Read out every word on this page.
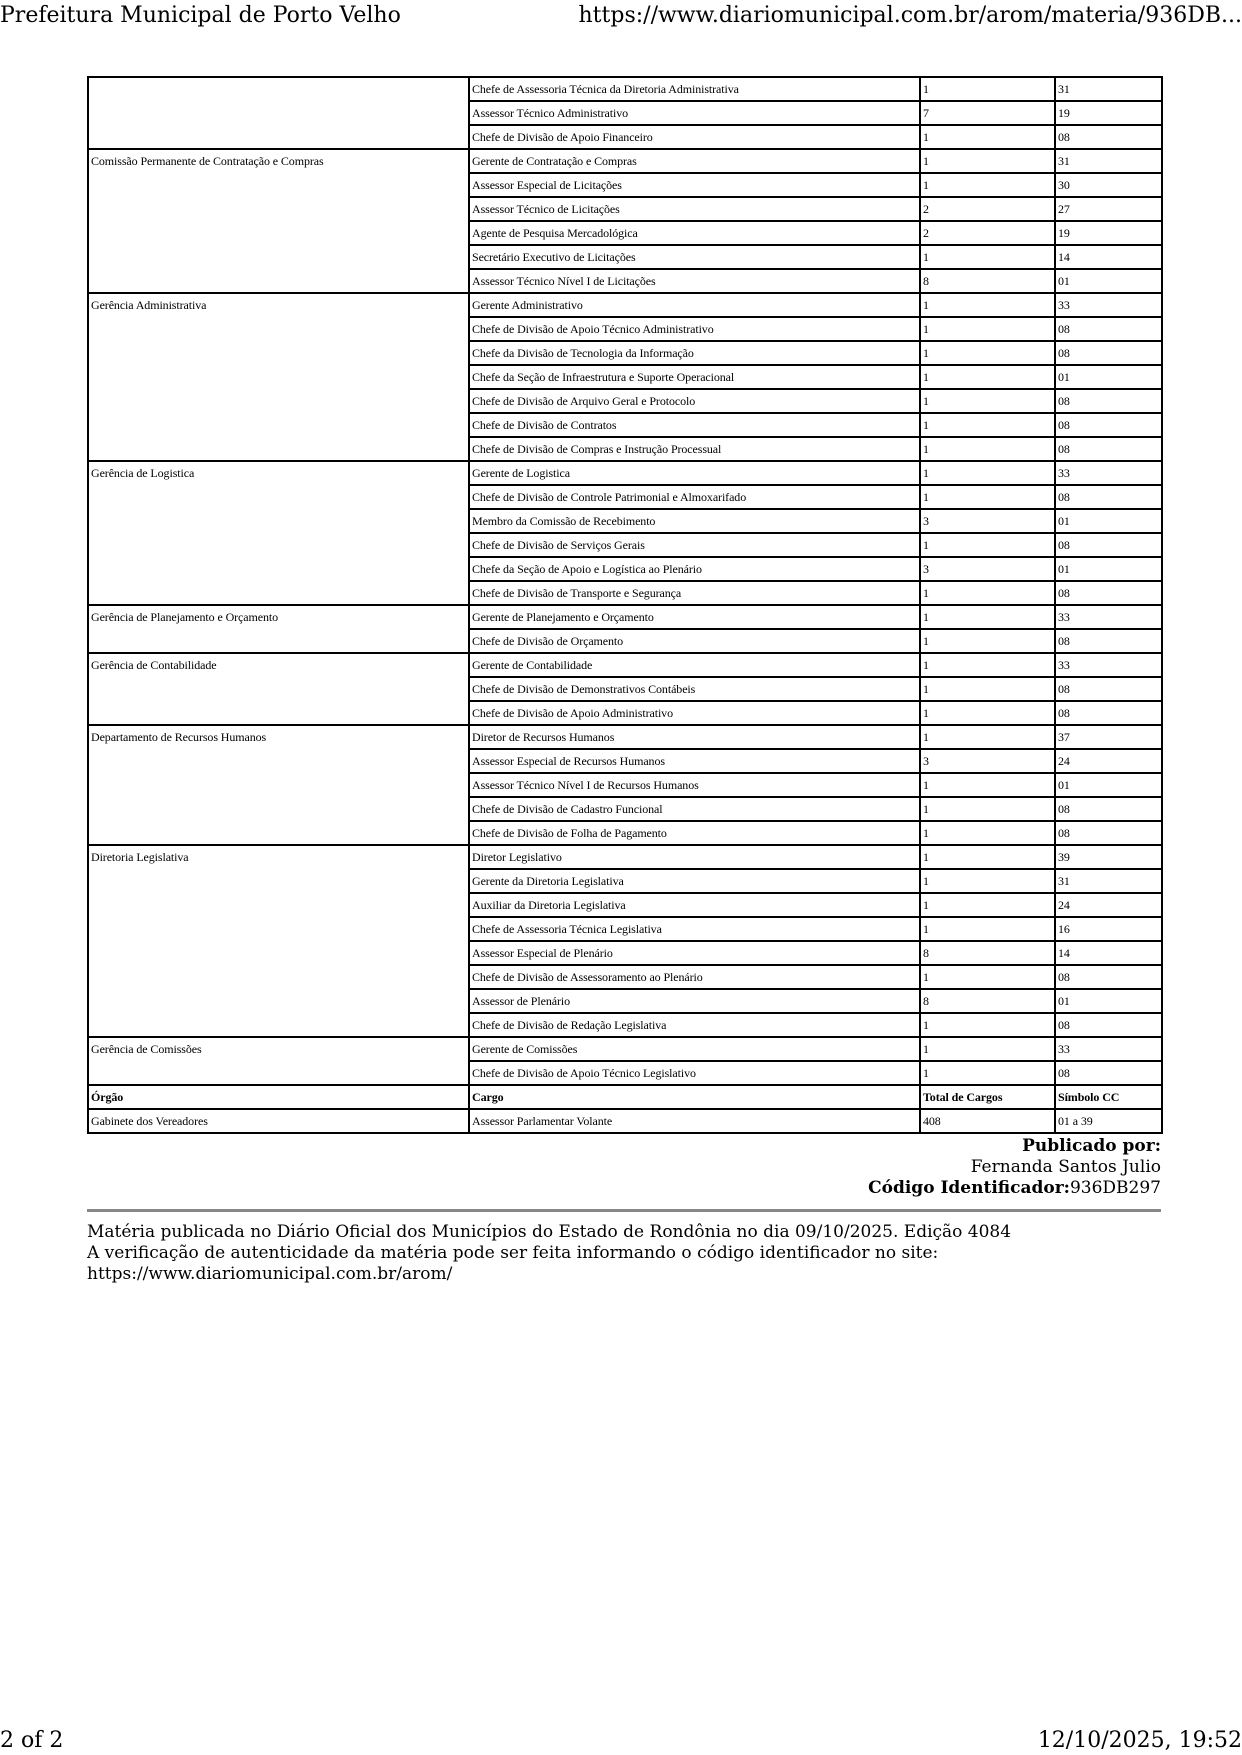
Prefeitura Municipal de Porto Velho	https://www.diariomunicipal.com.br/arom/materia/936DB...
	Chefe de Assessoria Técnica da Diretoria Administrativa	1	31
	Assessor Técnico Administrativo	7	19
	Chefe de Divisão de Apoio Financeiro	1	08
Comissão Permanente de Contratação e Compras	Gerente de Contratação e Compras	1	31
	Assessor Especial de Licitações	1	30
	Assessor Técnico de Licitações	2	27
	Agente de Pesquisa Mercadológica	2	19
	Secretário Executivo de Licitações	1	14
	Assessor Técnico Nível I de Licitações	8	01
Gerência Administrativa	Gerente Administrativo	1	33
	Chefe de Divisão de Apoio Técnico Administrativo	1	08
	Chefe da Divisão de Tecnologia da Informação	1	08
	Chefe da Seção de Infraestrutura e Suporte Operacional	1	01
	Chefe de Divisão de Arquivo Geral e Protocolo	1	08
	Chefe de Divisão de Contratos	1	08
	Chefe de Divisão de Compras e Instrução Processual	1	08
Gerência de Logistica	Gerente de Logistica	1	33
	Chefe de Divisão de Controle Patrimonial e Almoxarifado	1	08
	Membro da Comissão de Recebimento	3	01
	Chefe de Divisão de Serviços Gerais	1	08
	Chefe da Seção de Apoio e Logística ao Plenário	3	01
	Chefe de Divisão de Transporte e Segurança	1	08
Gerência de Planejamento e Orçamento	Gerente de Planejamento e Orçamento	1	33
	Chefe de Divisão de Orçamento	1	08
Gerência de Contabilidade	Gerente de Contabilidade	1	33
	Chefe de Divisão de Demonstrativos Contábeis	1	08
	Chefe de Divisão de Apoio Administrativo	1	08
Departamento de Recursos Humanos	Diretor de Recursos Humanos	1	37
	Assessor Especial de Recursos Humanos	3	24
	Assessor Técnico Nível I de Recursos Humanos	1	01
	Chefe de Divisão de Cadastro Funcional	1	08
	Chefe de Divisão de Folha de Pagamento	1	08
Diretoria Legislativa	Diretor Legislativo	1	39
	Gerente da Diretoria Legislativa	1	31
	Auxiliar da Diretoria Legislativa	1	24
	Chefe de Assessoria Técnica Legislativa	1	16
	Assessor Especial de Plenário	8	14
	Chefe de Divisão de Assessoramento ao Plenário	1	08
	Assessor de Plenário	8	01
	Chefe de Divisão de Redação Legislativa	1	08
Gerência de Comissões	Gerente de Comissões	1	33
	Chefe de Divisão de Apoio Técnico Legislativo	1	08
Órgão	Cargo	Total de Cargos	Símbolo CC
Gabinete dos Vereadores	Assessor Parlamentar Volante	408	01 a 39
Publicado por:
Fernanda Santos Julio
Código Identificador:936DB297
Matéria publicada no Diário Oficial dos Municípios do Estado de Rondônia no dia 09/10/2025. Edição 4084
A verificação de autenticidade da matéria pode ser feita informando o código identificador no site:
https://www.diariomunicipal.com.br/arom/
2 of 2	12/10/2025, 19:52
